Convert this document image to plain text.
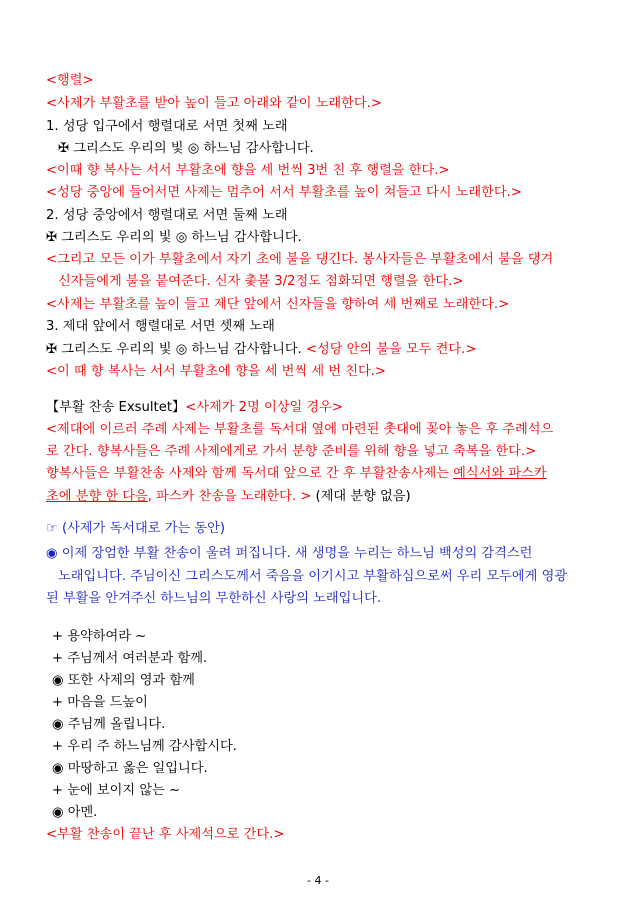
<행렬>
<사제가 부활초를 받아 높이 들고 아래와 같이 노래한다.>
1. 성당 입구에서 행렬대로 서면 첫째 노래
✠ 그리스도 우리의 빛 ◎ 하느님 감사합니다.
<이때 향 복사는 서서 부활초에 향을 세 번씩 3번 친 후 행렬을 한다.>
<성당 중앙에 들어서면 사제는 멈추어 서서 부활초를 높이 쳐들고 다시 노래한다.>
2. 성당 중앙에서 행렬대로 서면 둘째 노래
✠ 그리스도 우리의 빛 ◎ 하느님 감사합니다.
<그리고 모든 이가 부활초에서 자기 초에 불을 댕긴다. 봉사자들은 부활초에서 불을 댕겨
신자들에게 불을 붙여준다. 신자 촟불 3/2정도 점화되면 행렬을 한다.>
<사제는 부활초를 높이 들고 제단 앞에서 신자들을 향하여 세 번째로 노래한다.>
3. 제대 앞에서 행렬대로 서면 셋째 노래
✠ 그리스도 우리의 빛 ◎ 하느님 감사합니다. <성당 안의 불을 모두 켠다.>
<이 때 향 복사는 서서 부활초에 향을 세 번씩 세 번 친다.>
【부활 찬송 Exsultet】<사제가 2명 이상일 경우>
<제대에 이르러 주례 사제는 부활초를 독서대 옆에 마련된 촛대에 꽂아 놓은 후 주례석으
로 간다. 향복사들은 주례 사제에게로 가서 분향 준비를 위해 향을 넣고 축복을 한다.>
향복사들은 부활찬송 사제와 함께 독서대 앞으로 간 후 부활찬송사제는 예식서와 파스카
초에 분향 한 다음, 파스카 찬송을 노래한다. > (제대 분향 없음)
☞ (사제가 독서대로 가는 동안)
◉ 이제 장엄한 부활 찬송이 울려 퍼집니다. 새 생명을 누리는 하느님 백성의 감격스런
노래입니다. 주님이신 그리스도께서 죽음을 이기시고 부활하심으로써 우리 모두에게 영광
된 부활을 안겨주신 하느님의 무한하신 사랑의 노래입니다.
+ 용약하여라 ~
+ 주님께서 여러분과 함께.
◉ 또한 사제의 영과 함께
+ 마음을 드높이
◉ 주님께 올립니다.
+ 우리 주 하느님께 감사합시다.
◉ 마땅하고 옳은 일입니다.
+ 눈에 보이지 않는 ~
◉ 아멘.
<부활 찬송이 끝난 후 사제석으로 간다.>
- 4 -
